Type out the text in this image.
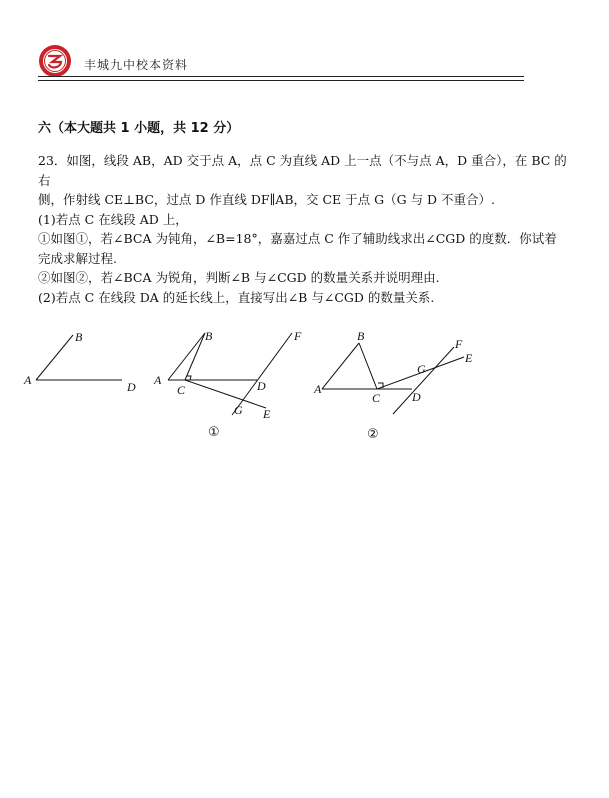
丰城九中校本资料
六（本大题共 1 小题，共 12 分）

23．如图，线段 AB，AD 交于点 A，点 C 为直线 AD 上一点（不与点 A，D 重合），在 BC 的右

侧，作射线 CE⊥BC，过点 D 作直线 DF∥AB，交 CE 于点 G（G 与 D 不重合）.

(1)若点 C 在线段 AD 上，

①如图①，若∠BCA 为钝角，∠B=18°，嘉嘉过点 C 作了辅助线求出∠CGD 的度数．你试着

完成求解过程.

②如图②，若∠BCA 为锐角，判断∠B 与∠CGD 的数量关系并说明理由.

(2)若点 C 在线段 DA 的延长线上，直接写出∠B 与∠CGD 的数量关系.

A
B
D A
B
C	D
G E
F
①
A
B
C	D
G
E
F
②
